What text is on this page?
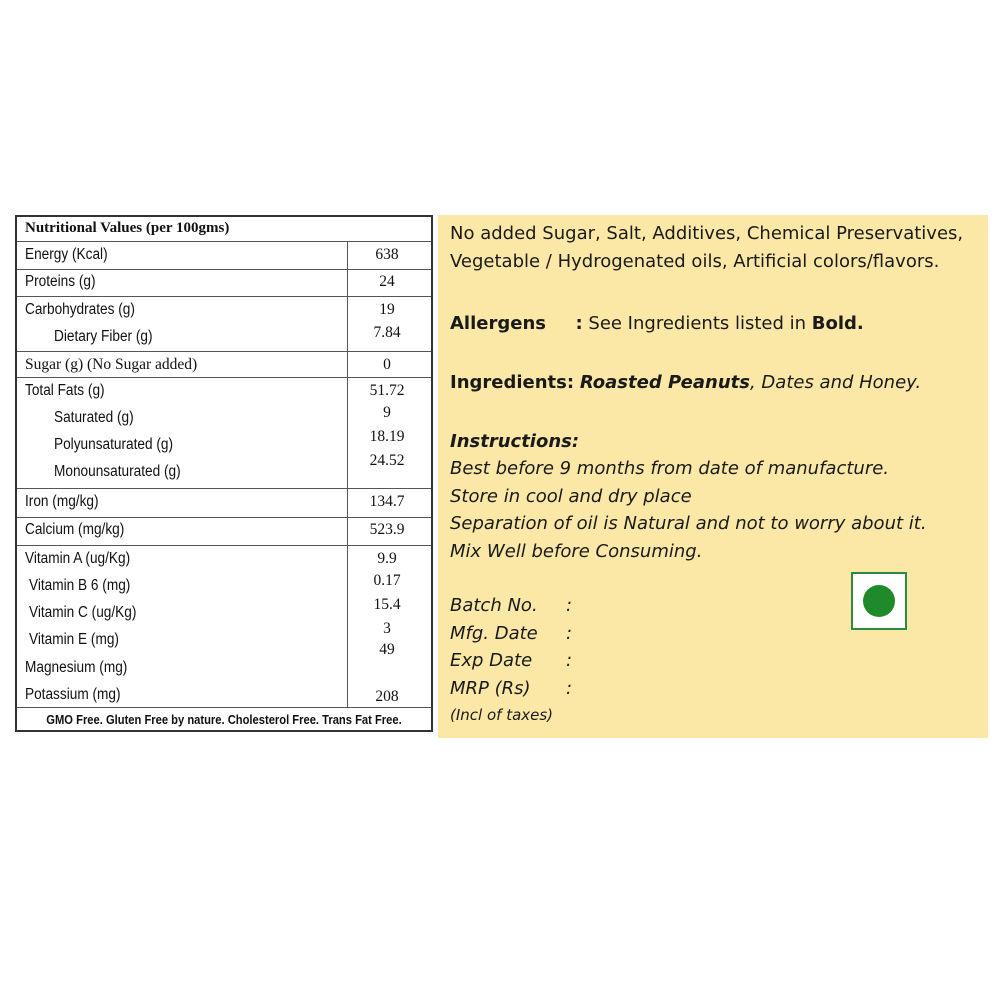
Nutritional Values (per 100gms)
Energy (Kcal)
Proteins (g)
Carbohydrates (g)
Dietary Fiber (g)
Sugar (g) (No Sugar added)
Total Fats (g)
Saturated (g)
Polyunsaturated (g)
Monounsaturated (g)
Iron (mg/kg)
Calcium (mg/kg)
Vitamin A (ug/Kg)
Vitamin B 6 (mg)
Vitamin C (ug/Kg)
Vitamin E (mg)
Magnesium (mg)
Potassium (mg)
638
24
19
7.84
0
51.72
9
18.19
24.52
134.7
523.9
9.9
0.17
15.4
3
49
208
GMO Free. Gluten Free by nature. Cholesterol Free. Trans Fat Free.
No added Sugar, Salt, Additives, Chemical Preservatives,
Vegetable / Hydrogenated oils, Artificial colors/flavors.
Allergens : See Ingredients listed in Bold.
Ingredients: Roasted Peanuts, Dates and Honey.
Instructions:
Best before 9 months from date of manufacture.
Store in cool and dry place
Separation of oil is Natural and not to worry about it.
Mix Well before Consuming.
Batch No. :
Mfg. Date :
Exp Date :
MRP (Rs) :
(Incl of taxes)
